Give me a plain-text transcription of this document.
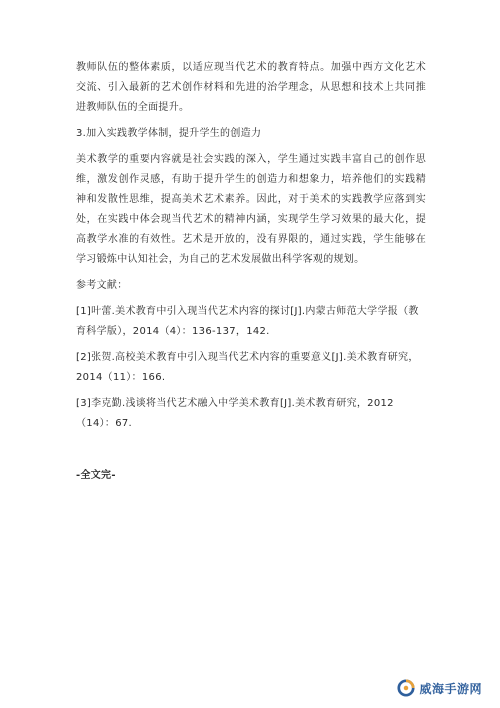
教师队伍的整体素质，以适应现当代艺术的教育特点。加强中西方文化艺术交流、引入最新的艺术创作材料和先进的治学理念，从思想和技术上共同推进教师队伍的全面提升。

3.加入实践教学体制，提升学生的创造力

美术教学的重要内容就是社会实践的深入，学生通过实践丰富自己的创作思维，激发创作灵感，有助于提升学生的创造力和想象力，培养他们的实践精神和发散性思维，提高美术艺术素养。因此，对于美术的实践教学应落到实处，在实践中体会现当代艺术的精神内涵，实现学生学习效果的最大化，提高教学水准的有效性。艺术是开放的，没有界限的，通过实践，学生能够在学习锻炼中认知社会，为自己的艺术发展做出科学客观的规划。

参考文献：

[1]叶蕾.美术教育中引入现当代艺术内容的探讨[J].内蒙古师范大学学报（教育科学版），2014（4）：136-137，142.

[2]张贺.高校美术教育中引入现当代艺术内容的重要意义[J].美术教育研究，2014（11）：166.

[3]李克勤.浅谈将当代艺术融入中学美术教育[J].美术教育研究，2012（14）：67.

-全文完-

威海手游网
